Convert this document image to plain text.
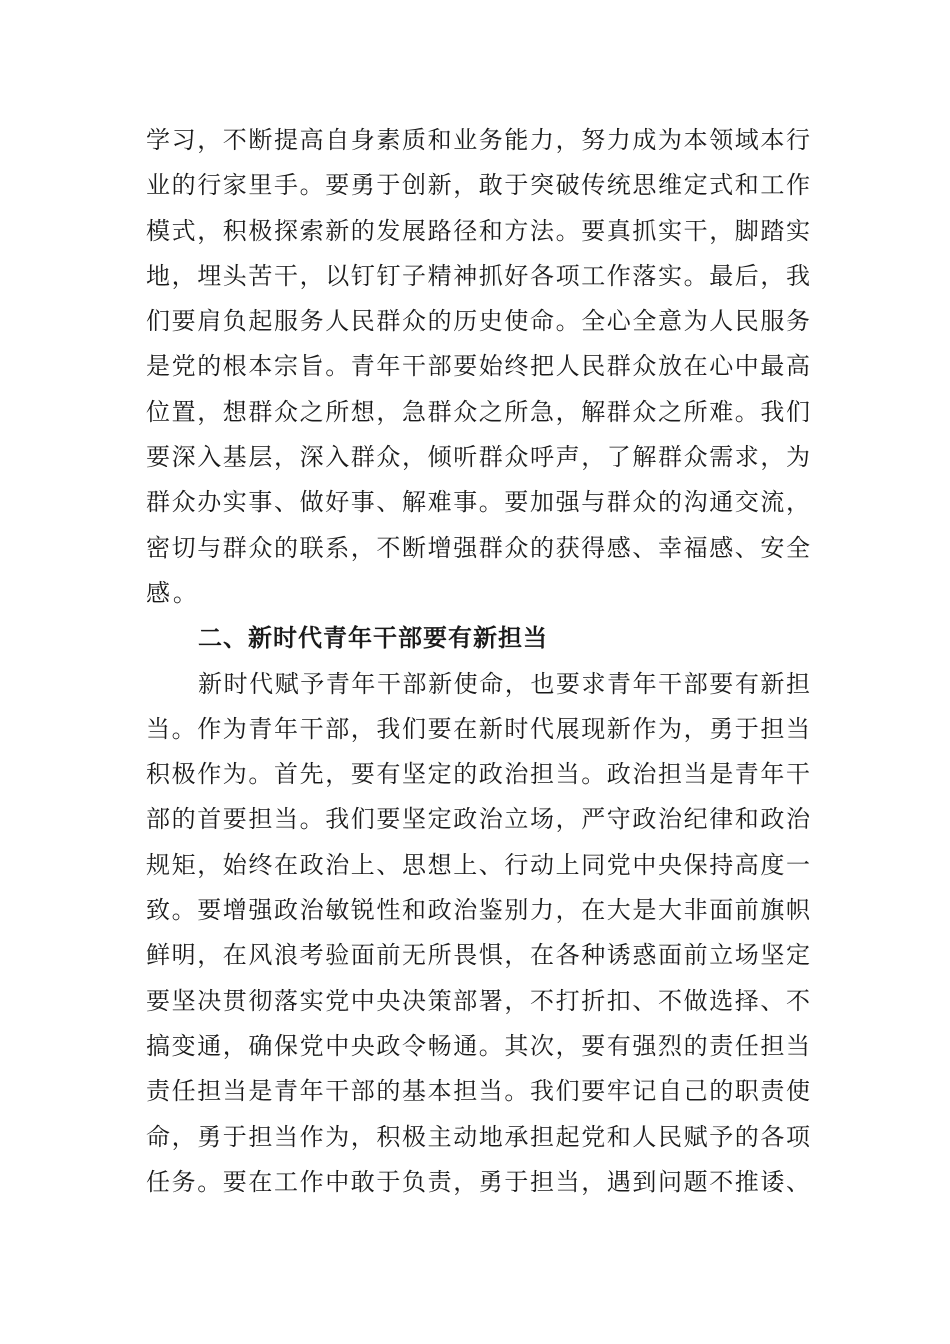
学习，不断提高自身素质和业务能力，努力成为本领域本行
业的行家里手。要勇于创新，敢于突破传统思维定式和工作
模式，积极探索新的发展路径和方法。要真抓实干，脚踏实
地，埋头苦干，以钉钉子精神抓好各项工作落实。最后，我
们要肩负起服务人民群众的历史使命。全心全意为人民服务
是党的根本宗旨。青年干部要始终把人民群众放在心中最高
位置，想群众之所想，急群众之所急，解群众之所难。我们
要深入基层，深入群众，倾听群众呼声，了解群众需求，为
群众办实事、做好事、解难事。要加强与群众的沟通交流，
密切与群众的联系，不断增强群众的获得感、幸福感、安全
感。
二、新时代青年干部要有新担当
新时代赋予青年干部新使命，也要求青年干部要有新担
当。作为青年干部，我们要在新时代展现新作为，勇于担当
积极作为。首先，要有坚定的政治担当。政治担当是青年干
部的首要担当。我们要坚定政治立场，严守政治纪律和政治
规矩，始终在政治上、思想上、行动上同党中央保持高度一
致。要增强政治敏锐性和政治鉴别力，在大是大非面前旗帜
鲜明，在风浪考验面前无所畏惧，在各种诱惑面前立场坚定
要坚决贯彻落实党中央决策部署，不打折扣、不做选择、不
搞变通，确保党中央政令畅通。其次，要有强烈的责任担当
责任担当是青年干部的基本担当。我们要牢记自己的职责使
命，勇于担当作为，积极主动地承担起党和人民赋予的各项
任务。要在工作中敢于负责，勇于担当，遇到问题不推诿、
